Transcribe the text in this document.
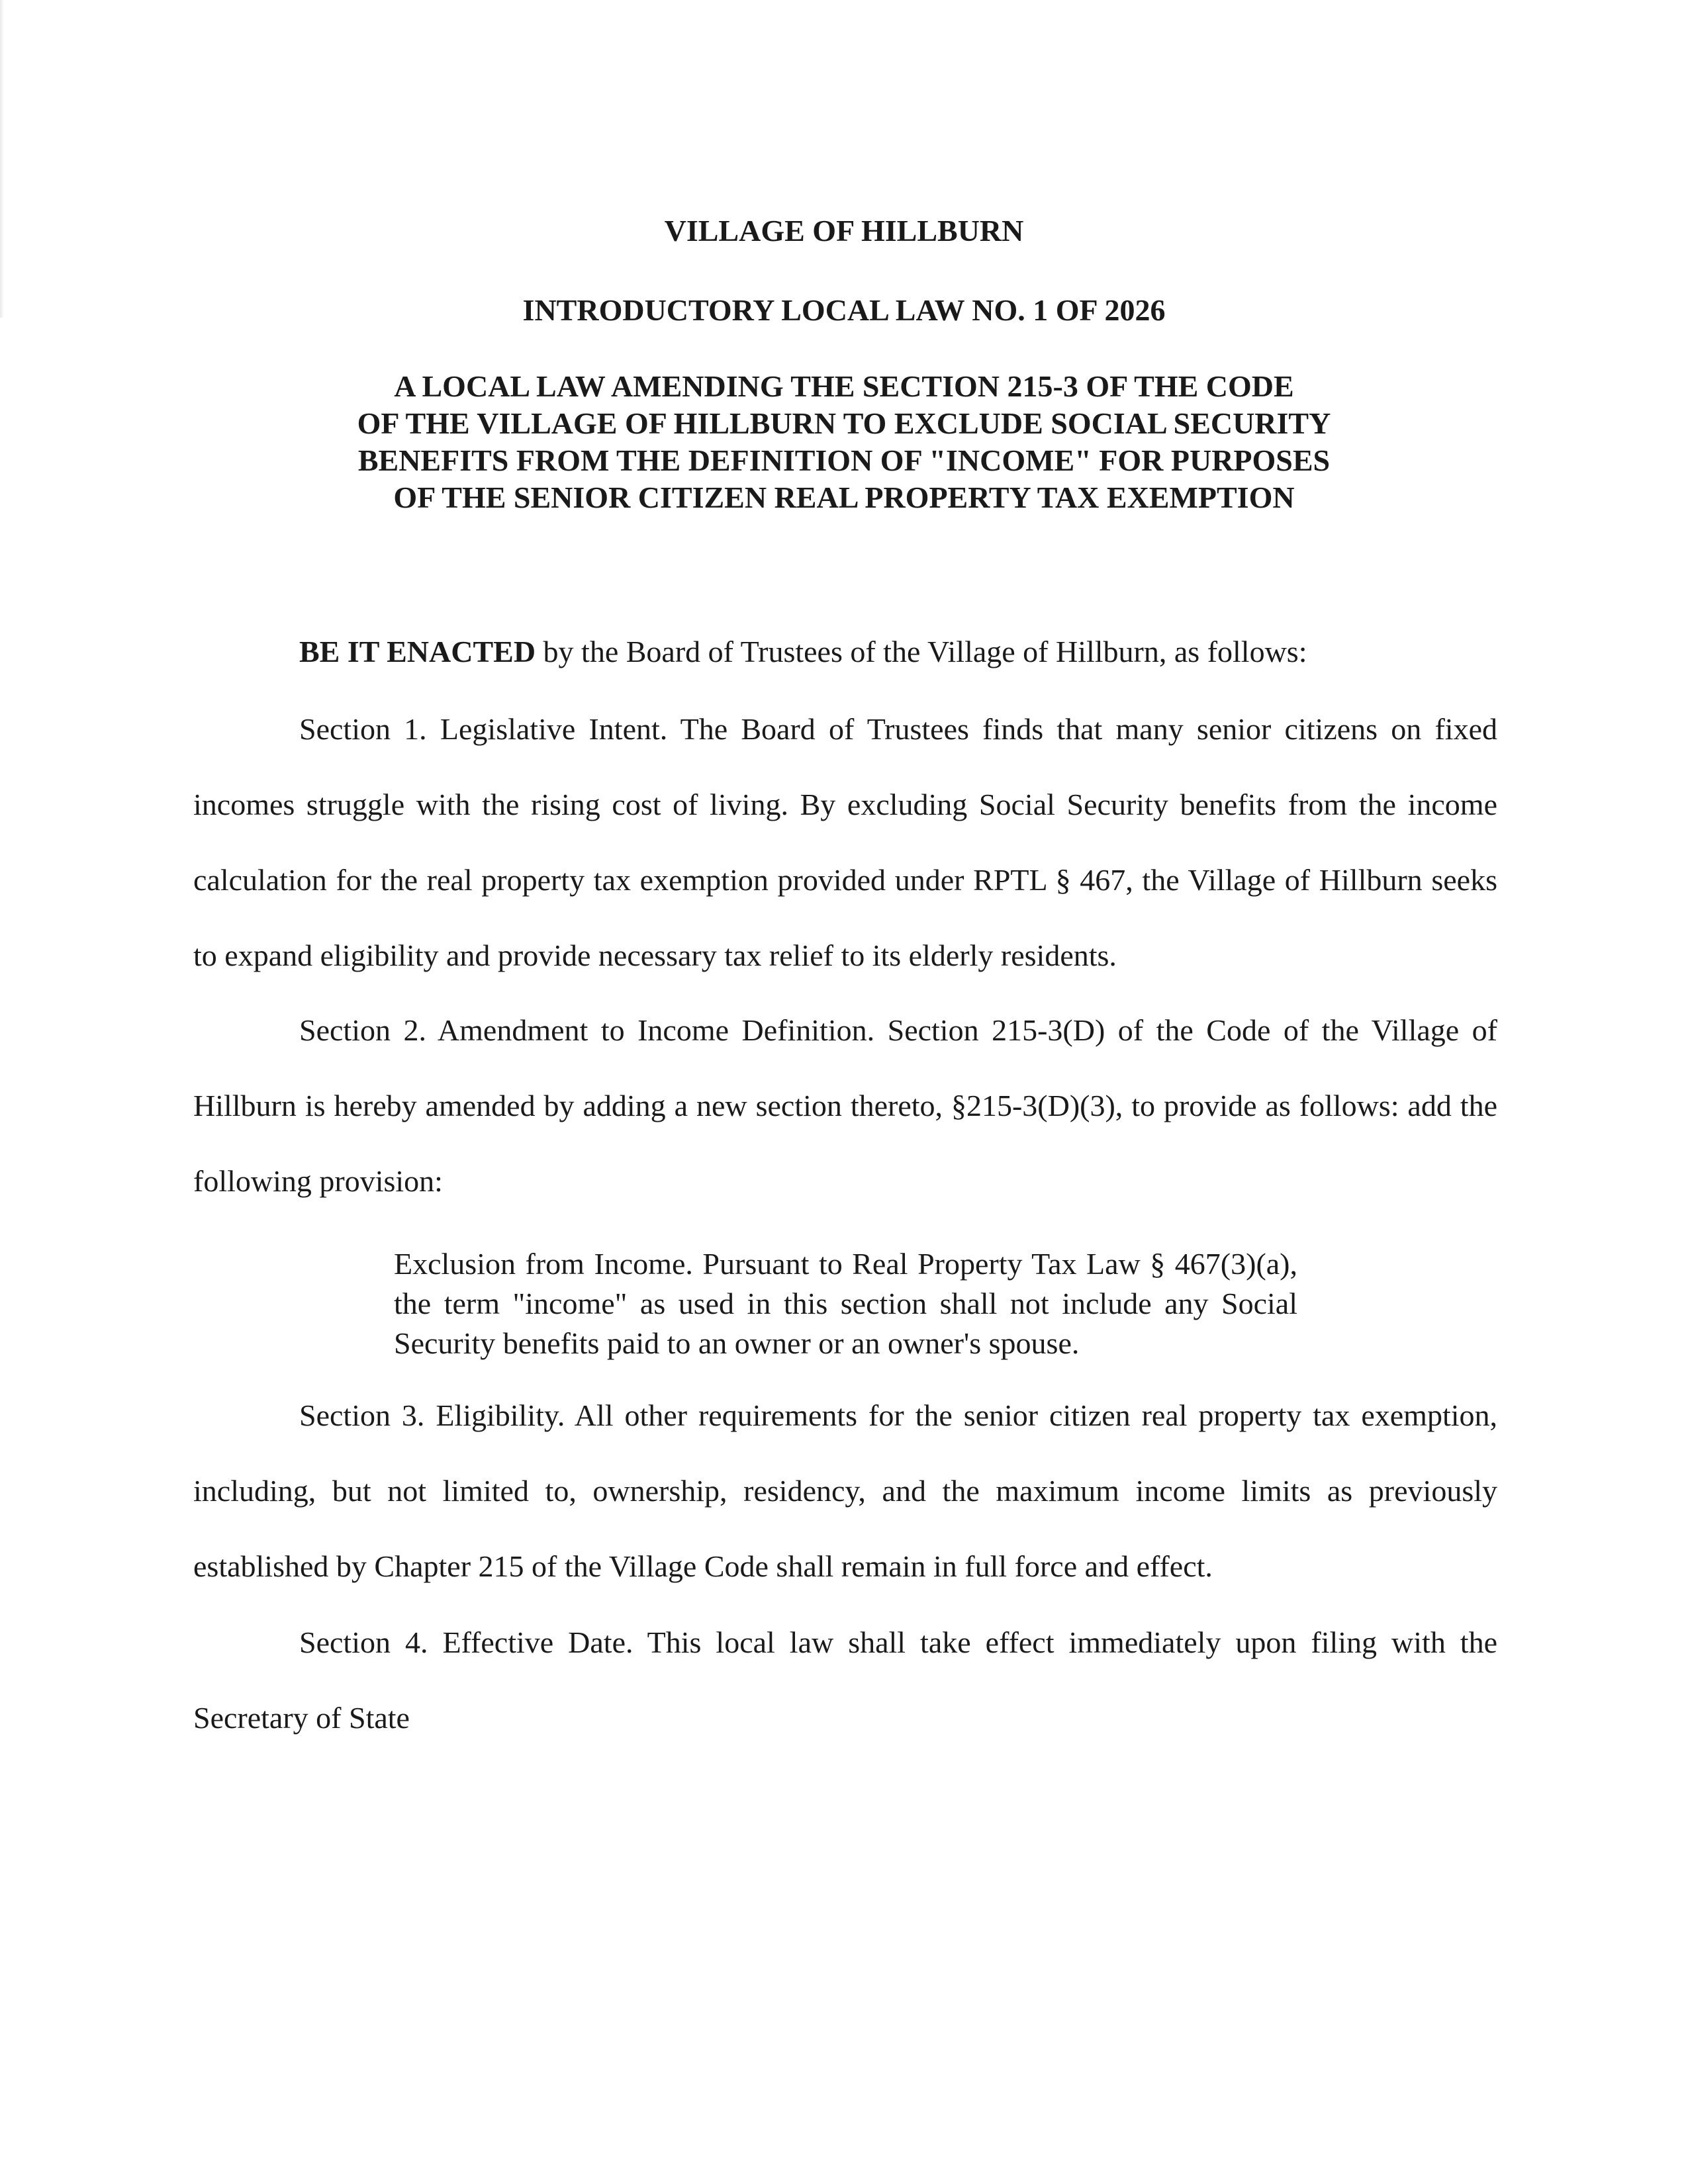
VILLAGE OF HILLBURN
INTRODUCTORY LOCAL LAW NO. 1 OF 2026
A LOCAL LAW AMENDING THE SECTION 215-3 OF THE CODE
OF THE VILLAGE OF HILLBURN TO EXCLUDE SOCIAL SECURITY
BENEFITS FROM THE DEFINITION OF "INCOME" FOR PURPOSES
OF THE SENIOR CITIZEN REAL PROPERTY TAX EXEMPTION

BE IT ENACTED by the Board of Trustees of the Village of Hillburn, as follows:

Section 1. Legislative Intent. The Board of Trustees finds that many senior citizens on fixed incomes struggle with the rising cost of living. By excluding Social Security benefits from the income calculation for the real property tax exemption provided under RPTL § 467, the Village of Hillburn seeks to expand eligibility and provide necessary tax relief to its elderly residents.

Section 2. Amendment to Income Definition. Section 215-3(D) of the Code of the Village of Hillburn is hereby amended by adding a new section thereto, §215-3(D)(3), to provide as follows: add the following provision:

Exclusion from Income. Pursuant to Real Property Tax Law § 467(3)(a), the term "income" as used in this section shall not include any Social Security benefits paid to an owner or an owner's spouse.

Section 3. Eligibility. All other requirements for the senior citizen real property tax exemption, including, but not limited to, ownership, residency, and the maximum income limits as previously established by Chapter 215 of the Village Code shall remain in full force and effect.

Section 4. Effective Date. This local law shall take effect immediately upon filing with the Secretary of State
